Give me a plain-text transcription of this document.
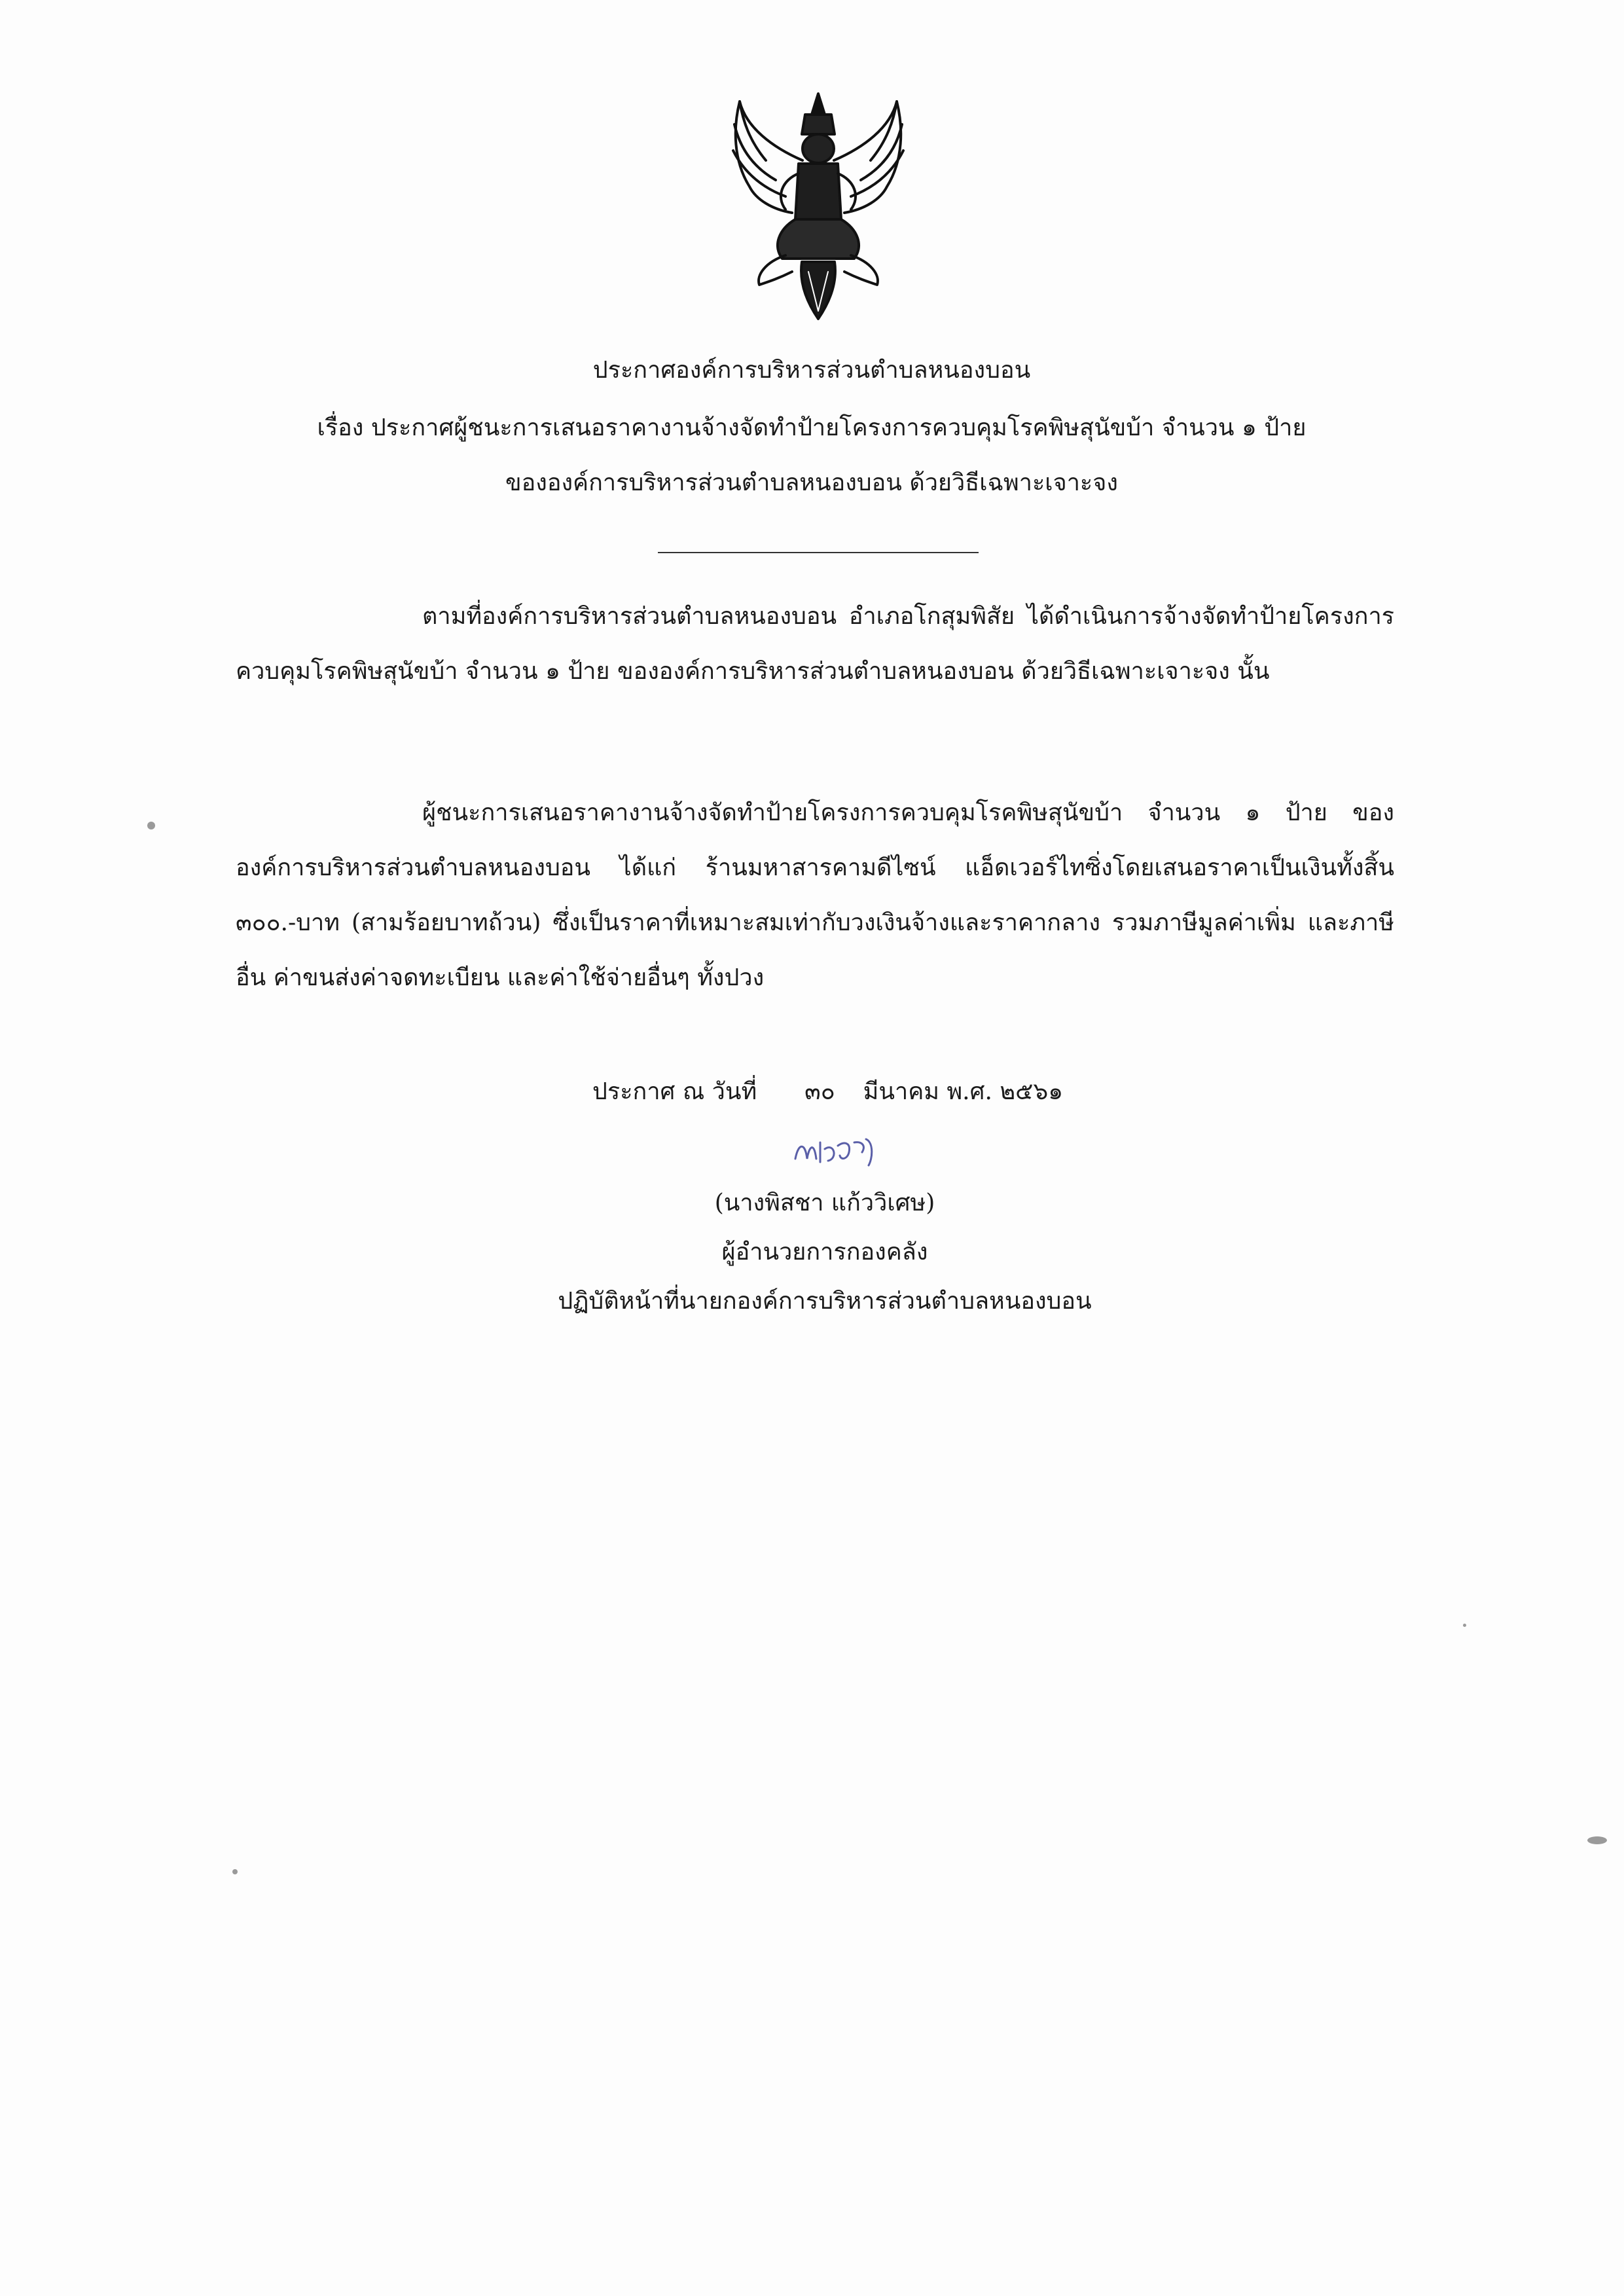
ประกาศองค์การบริหารส่วนตำบลหนองบอน
เรื่อง ประกาศผู้ชนะการเสนอราคางานจ้างจัดทำป้ายโครงการควบคุมโรคพิษสุนัขบ้า จำนวน ๑ ป้าย
ขององค์การบริหารส่วนตำบลหนองบอน ด้วยวิธีเฉพาะเจาะจง
ตามที่องค์การบริหารส่วนตำบลหนองบอน อำเภอโกสุมพิสัย ได้ดำเนินการจ้างจัดทำป้ายโครงการควบคุมโรคพิษสุนัขบ้า จำนวน ๑ ป้าย ขององค์การบริหารส่วนตำบลหนองบอน ด้วยวิธีเฉพาะเจาะจง นั้น
ผู้ชนะการเสนอราคางานจ้างจัดทำป้ายโครงการควบคุมโรคพิษสุนัขบ้า จำนวน ๑ ป้าย ขององค์การบริหารส่วนตำบลหนองบอน ได้แก่ ร้านมหาสารคามดีไซน์ แอ็ดเวอร์ไทซิ่งโดยเสนอราคาเป็นเงินทั้งสิ้น ๓๐๐.-บาท (สามร้อยบาทถ้วน) ซึ่งเป็นราคาที่เหมาะสมเท่ากับวงเงินจ้างและราคากลาง รวมภาษีมูลค่าเพิ่ม และภาษีอื่น ค่าขนส่งค่าจดทะเบียน และค่าใช้จ่ายอื่นๆ ทั้งปวง
ประกาศ ณ วันที่ ๓๐ มีนาคม พ.ศ. ๒๕๖๑
(นางพิสชา แก้ววิเศษ)
ผู้อำนวยการกองคลัง
ปฏิบัติหน้าที่นายกองค์การบริหารส่วนตำบลหนองบอน
